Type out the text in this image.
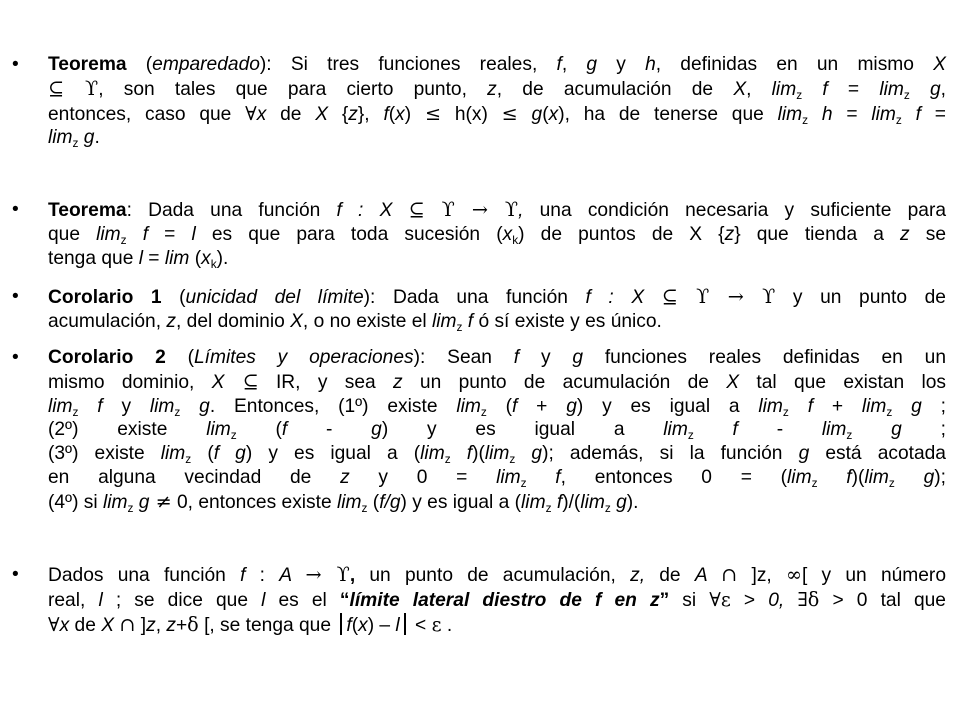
• Teorema (emparedado): Si tres funciones reales, f, g y h, definidas en un mismo X
⊆ ϒ, son tales que para cierto punto, z, de acumulación de X, $\lim_z f = \lim_z g$,
entonces, caso que ∀x de X {z}, f(x) ≤ h(x) ≤ g(x), ha de tenerse que $\lim_z h = \lim_z f$ =
$\lim_z g$.
• Teorema: Dada una función f : X ⊆ ϒ → ϒ, una condición necesaria y suficiente para
que $\lim_z f = l$ es que para toda sucesión $(x_k)$ de puntos de X {z} que tienda a z se
tenga que $l = \lim (x_k)$.
• Corolario 1 (unicidad del límite): Dada una función f : X ⊆ ϒ → ϒ y un punto de
acumulación, z, del dominio X, o no existe el $\lim_z f$ ó sí existe y es único.
• Corolario 2 (Límites y operaciones): Sean f y g funciones reales definidas en un
mismo dominio, X ⊆ IR, y sea z un punto de acumulación de X tal que existan los
$\lim_z f$ y $\lim_z g$. Entonces, (1º) existe $\lim_z (f + g)$ y es igual a $\lim_z f + \lim_z g$ ;
(2º) existe $\lim_z (f - g)$ y es igual a $\lim_z f - \lim_z g$ ;
(3º) existe $\lim_z (f$ g) y es igual a ($\lim_z$ $f)(\lim_z$ g); además, si la función g está acotada
en alguna vecindad de z y $0 = \lim_z f$, entonces $0 = (\lim_z$ $f)(\lim_z$ g);
(4º) si $\lim_z g \ne 0$, entonces existe $\lim_z (f/g)$ y es igual a ($\lim_z$ $f)/(\lim_z$ g).
• Dados una función f : A → ϒ, un punto de acumulación, z, de A ∩ ]z, ∞[ y un número
real, l ; se dice que l es el “límite lateral diestro de f en z” si ∀ε > 0, ∃δ > 0 tal que
∀x de X ∩ ]z, z+δ [, se tenga que f(x) – l < ε .
